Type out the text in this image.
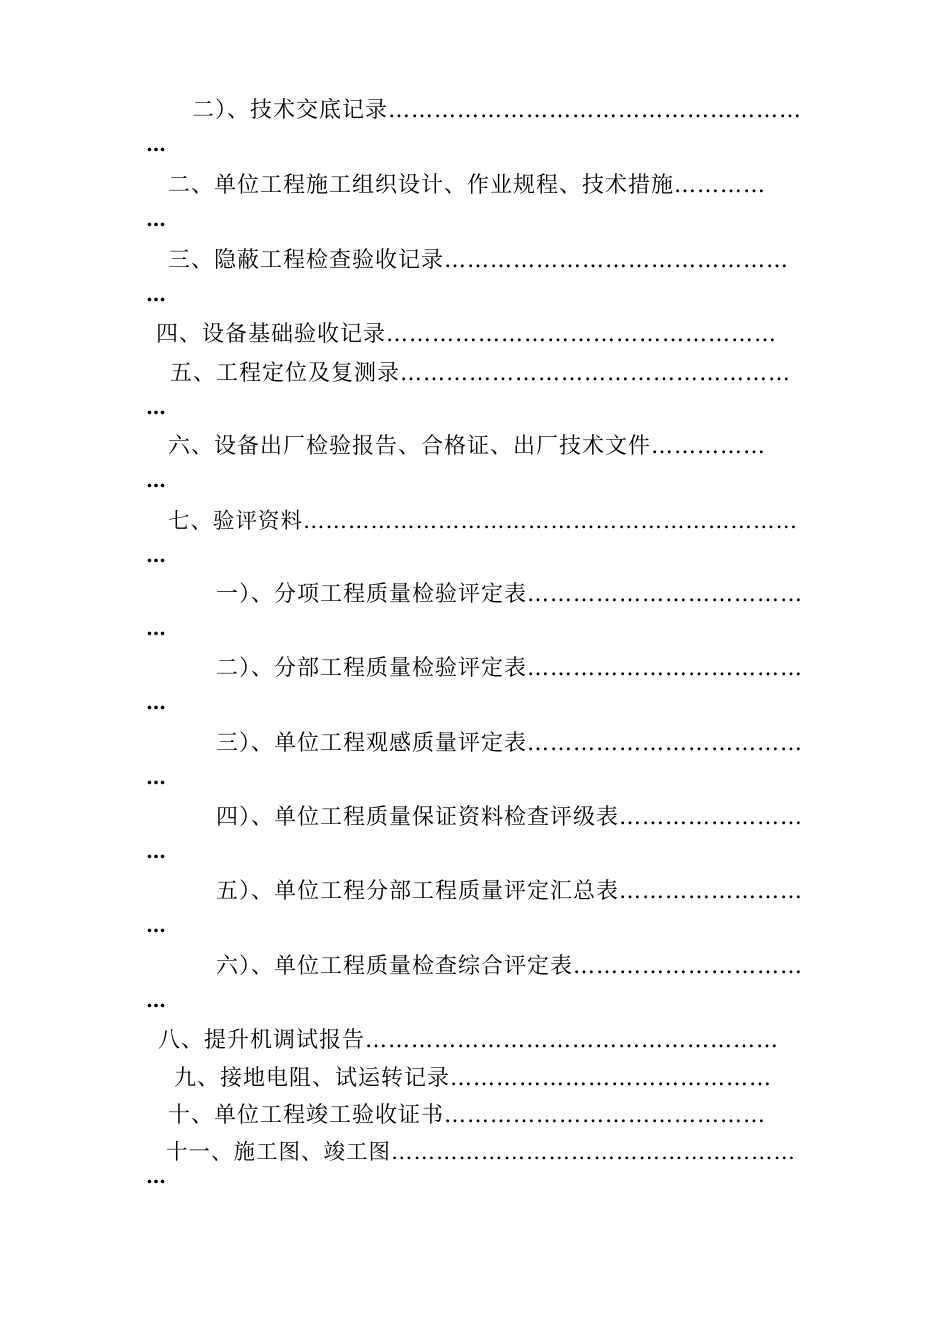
二）、技术交底记录………………………………………………
…
二、单位工程施工组织设计、作业规程、技术措施…………
…
三、隐蔽工程检查验收记录………………………………………
…
四、设备基础验收记录……………………………………………
五、工程定位及复测录……………………………………………
…
六、设备出厂检验报告、合格证、出厂技术文件……………
…
七、验评资料…………………………………………………………
…
一）、分项工程质量检验评定表………………………………
…
二）、分部工程质量检验评定表………………………………
…
三）、单位工程观感质量评定表………………………………
…
四）、单位工程质量保证资料检查评级表……………………
…
五）、单位工程分部工程质量评定汇总表……………………
…
六）、单位工程质量检查综合评定表…………………………
…
八、提升机调试报告………………………………………………
九、接地电阻、试运转记录……………………………………
十、单位工程竣工验收证书……………………………………
十一、施工图、竣工图………………………………………………
…
